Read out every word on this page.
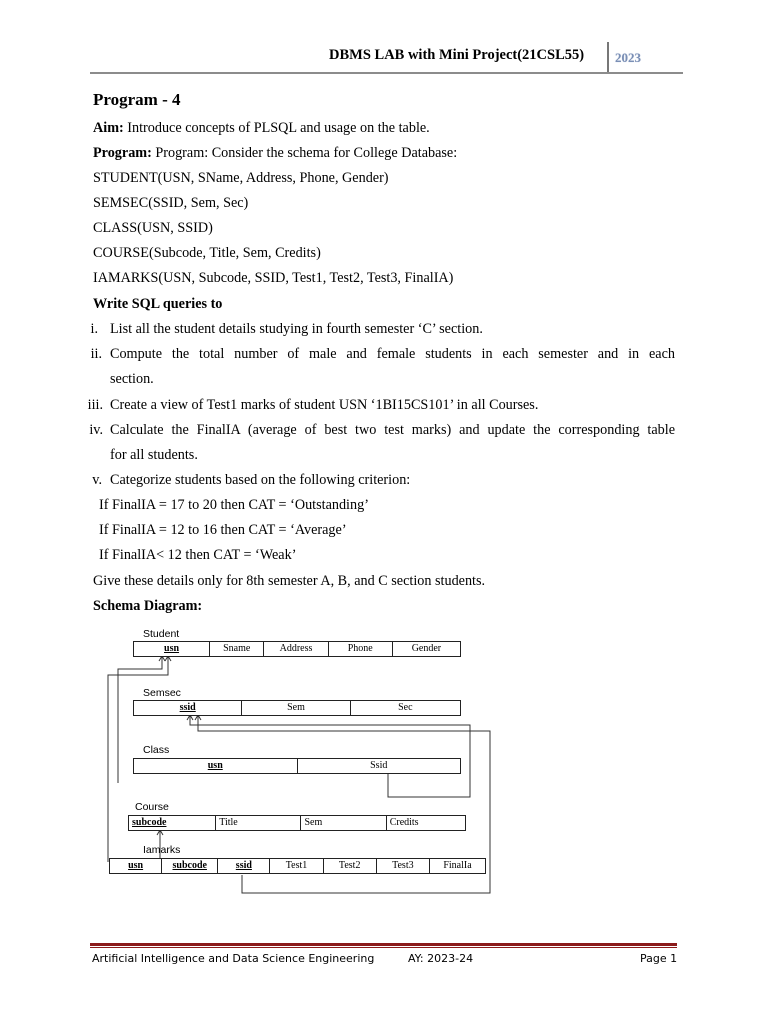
DBMS LAB with Mini Project(21CSL55) 2023
Program - 4
Aim: Introduce concepts of PLSQL and usage on the table.
Program: Program: Consider the schema for College Database:
STUDENT(USN, SName, Address, Phone, Gender)
SEMSEC(SSID, Sem, Sec)
CLASS(USN, SSID)
COURSE(Subcode, Title, Sem, Credits)
IAMARKS(USN, Subcode, SSID, Test1, Test2, Test3, FinalIA)
Write SQL queries to
i. List all the student details studying in fourth semester ‘C’ section.
ii. Compute the total number of male and female students in each semester and in each
section.
iii. Create a view of Test1 marks of student USN ‘1BI15CS101’ in all Courses.
iv. Calculate the FinalIA (average of best two test marks) and update the corresponding table
for all students.
v. Categorize students based on the following criterion:
If FinalIA = 17 to 20 then CAT = ‘Outstanding’
If FinalIA = 12 to 16 then CAT = ‘Average’
If FinalIA< 12 then CAT = ‘Weak’
Give these details only for 8th semester A, B, and C section students.
Schema Diagram:
Student
usn	Sname	Address	Phone	Gender
Semsec
ssid	Sem	Sec
Class
usn	Ssid
Course
subcode	Title	Sem	Credits
Iamarks
usn	subcode	ssid	Test1	Test2	Test3	FinalIa
Artificial Intelligence and Data Science Engineering	AY: 2023-24	Page 1
